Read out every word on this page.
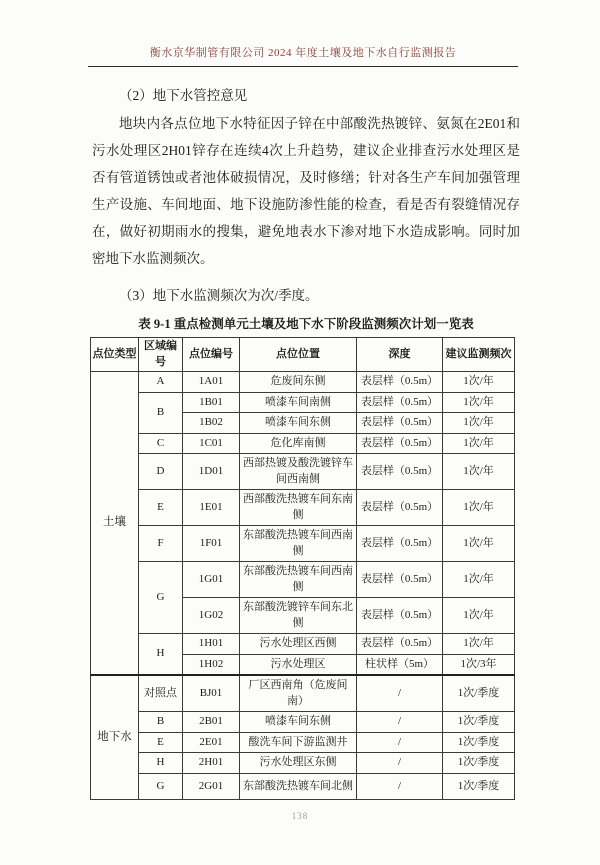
衡水京华制管有限公司 2024 年度土壤及地下水自行监测报告
（2）地下水管控意见
地块内各点位地下水特征因子锌在中部酸洗热镀锌、氨氮在2E01和污水处理区2H01锌存在连续4次上升趋势，建议企业排查污水处理区是否有管道锈蚀或者池体破损情况，及时修缮；针对各生产车间加强管理生产设施、车间地面、地下设施防渗性能的检查，看是否有裂缝情况存在，做好初期雨水的搜集，避免地表水下渗对地下水造成影响。同时加密地下水监测频次。
（3）地下水监测频次为次/季度。
表 9-1 重点检测单元土壤及地下水下阶段监测频次计划一览表
点位类型	区域编号	点位编号	点位位置	深度	建议监测频次
土壤	A	1A01	危废间东侧	表层样（0.5m）	1次/年
	B	1B01	喷漆车间南侧	表层样（0.5m）	1次/年
		1B02	喷漆车间东侧	表层样（0.5m）	1次/年
	C	1C01	危化库南侧	表层样（0.5m）	1次/年
	D	1D01	西部热镀及酸洗镀锌车间西南侧	表层样（0.5m）	1次/年
	E	1E01	西部酸洗热镀车间东南侧	表层样（0.5m）	1次/年
	F	1F01	东部酸洗热镀车间西南侧	表层样（0.5m）	1次/年
	G	1G01	东部酸洗热镀车间西南侧	表层样（0.5m）	1次/年
		1G02	东部酸洗镀锌车间东北侧	表层样（0.5m）	1次/年
	H	1H01	污水处理区西侧	表层样（0.5m）	1次/年
		1H02	污水处理区	柱状样（5m）	1次/3年
地下水	对照点	BJ01	厂区西南角（危废间南）	/	1次/季度
	B	2B01	喷漆车间东侧	/	1次/季度
	E	2E01	酸洗车间下游监测井	/	1次/季度
	H	2H01	污水处理区东侧	/	1次/季度
	G	2G01	东部酸洗热镀车间北侧	/	1次/季度
138
